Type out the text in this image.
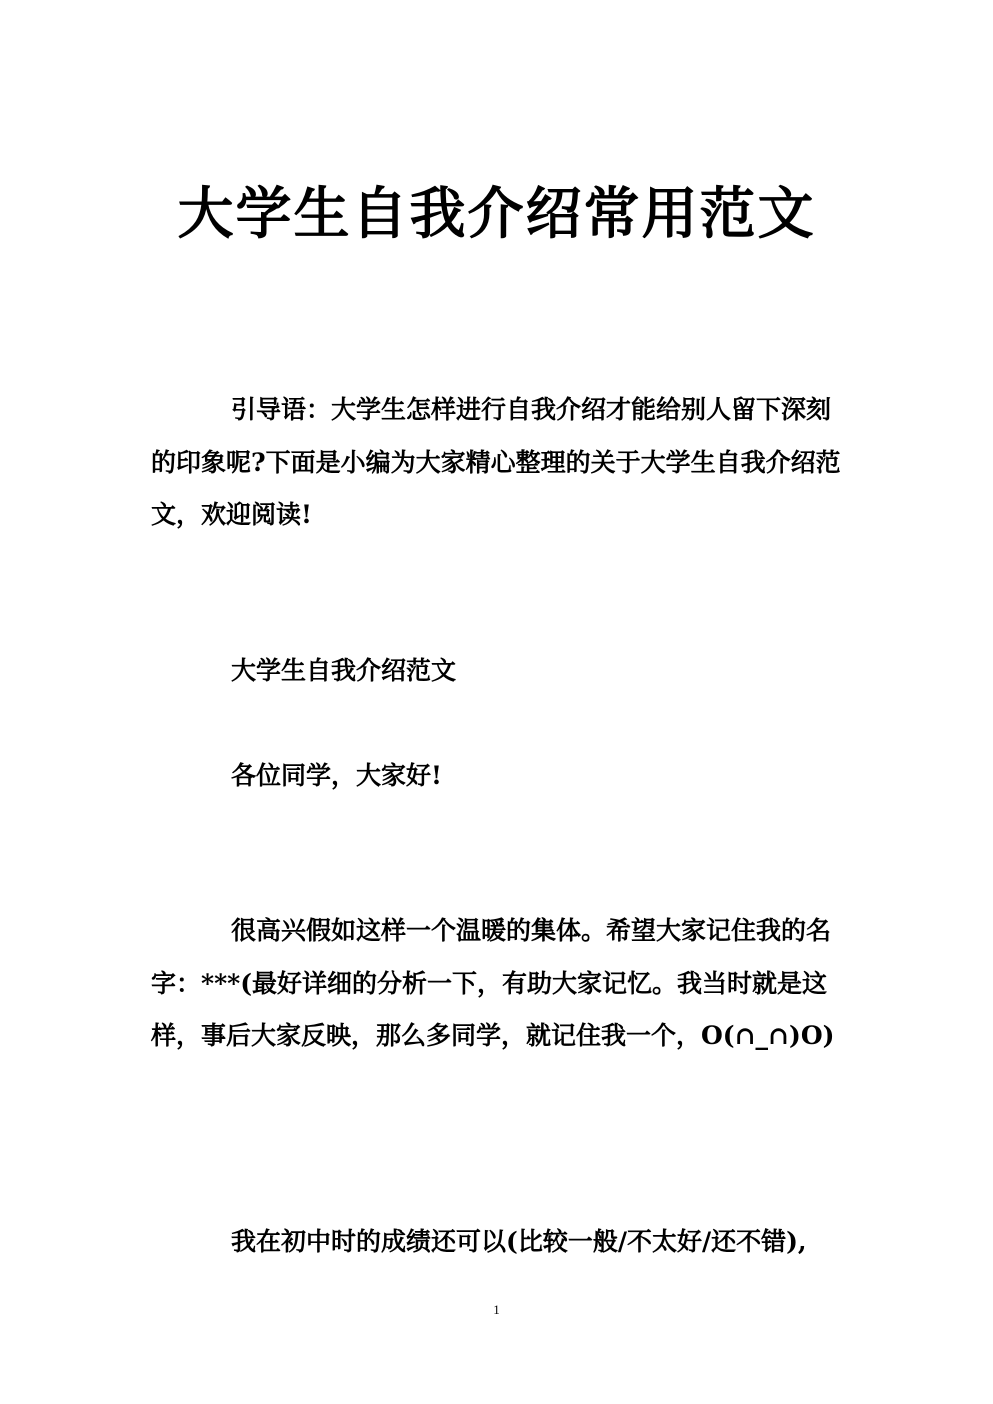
大学生自我介绍常用范文

引导语：大学生怎样进行自我介绍才能给别人留下深刻的印象呢?下面是小编为大家精心整理的关于大学生自我介绍范文，欢迎阅读!

大学生自我介绍范文

各位同学，大家好!

很高兴假如这样一个温暖的集体。希望大家记住我的名字：***(最好详细的分析一下，有助大家记忆。我当时就是这样，事后大家反映，那么多同学，就记住我一个，O(∩_∩)O)

我在初中时的成绩还可以(比较一般/不太好/还不错),

1
